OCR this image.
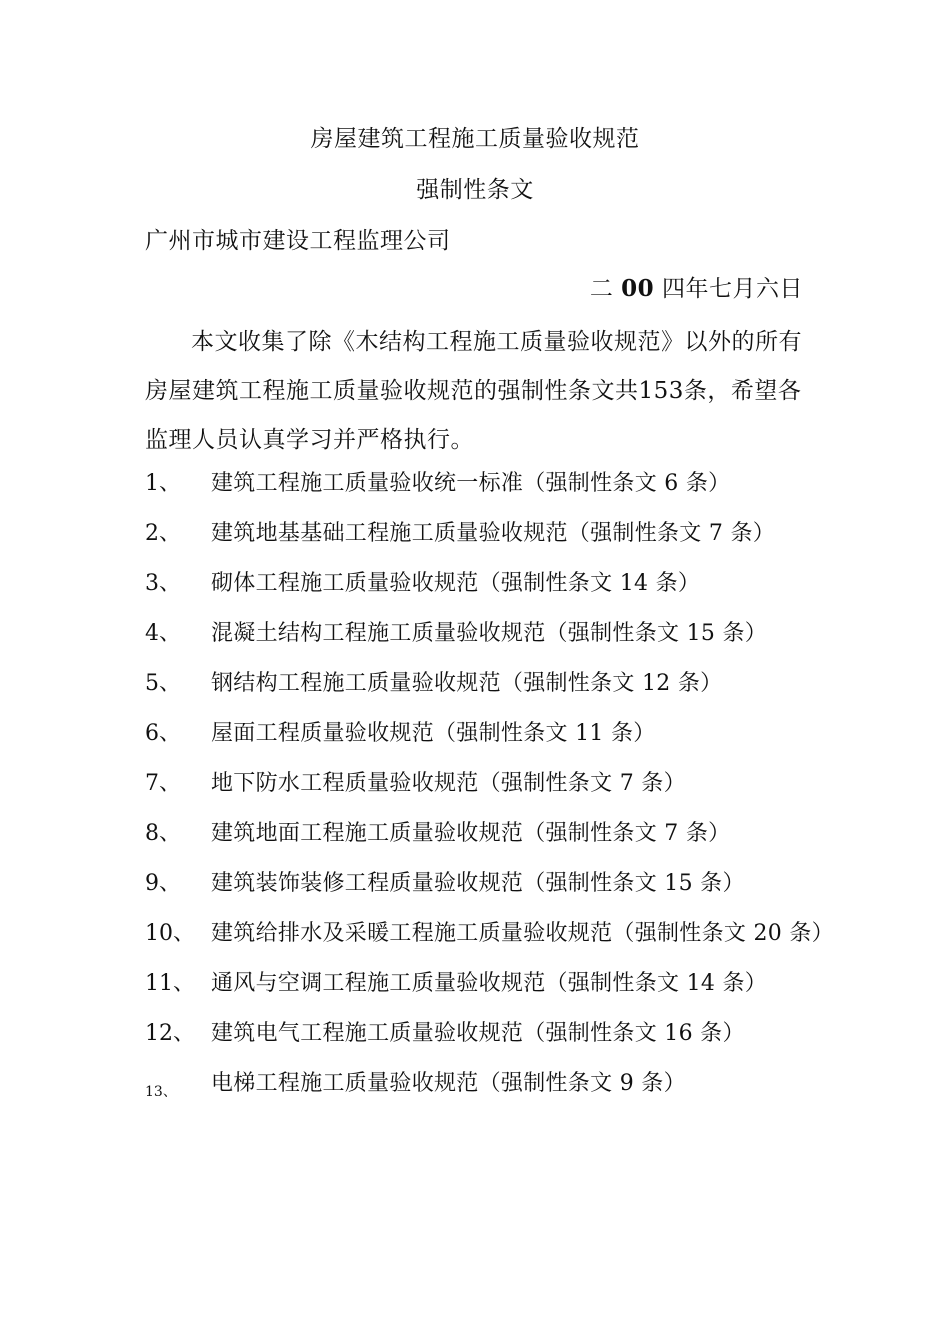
房屋建筑工程施工质量验收规范
强制性条文
广州市城市建设工程监理公司
二 00 四年七月六日
本文收集了除《木结构工程施工质量验收规范》以外的所有房屋建筑工程施工质量验收规范的强制性条文共153条，希望各监理人员认真学习并严格执行。
1、	建筑工程施工质量验收统一标准（强制性条文 6 条）
2、	建筑地基基础工程施工质量验收规范（强制性条文 7 条）
3、	砌体工程施工质量验收规范（强制性条文 14 条）
4、	混凝土结构工程施工质量验收规范（强制性条文 15 条）
5、	钢结构工程施工质量验收规范（强制性条文 12 条）
6、	屋面工程质量验收规范（强制性条文 11 条）
7、	地下防水工程质量验收规范（强制性条文 7 条）
8、	建筑地面工程施工质量验收规范（强制性条文 7 条）
9、	建筑装饰装修工程质量验收规范（强制性条文 15 条）
10、 建筑给排水及采暖工程施工质量验收规范（强制性条文 20 条）
11、 通风与空调工程施工质量验收规范（强制性条文 14 条）
12、 建筑电气工程施工质量验收规范（强制性条文 16 条）
13、	电梯工程施工质量验收规范（强制性条文 9 条）
